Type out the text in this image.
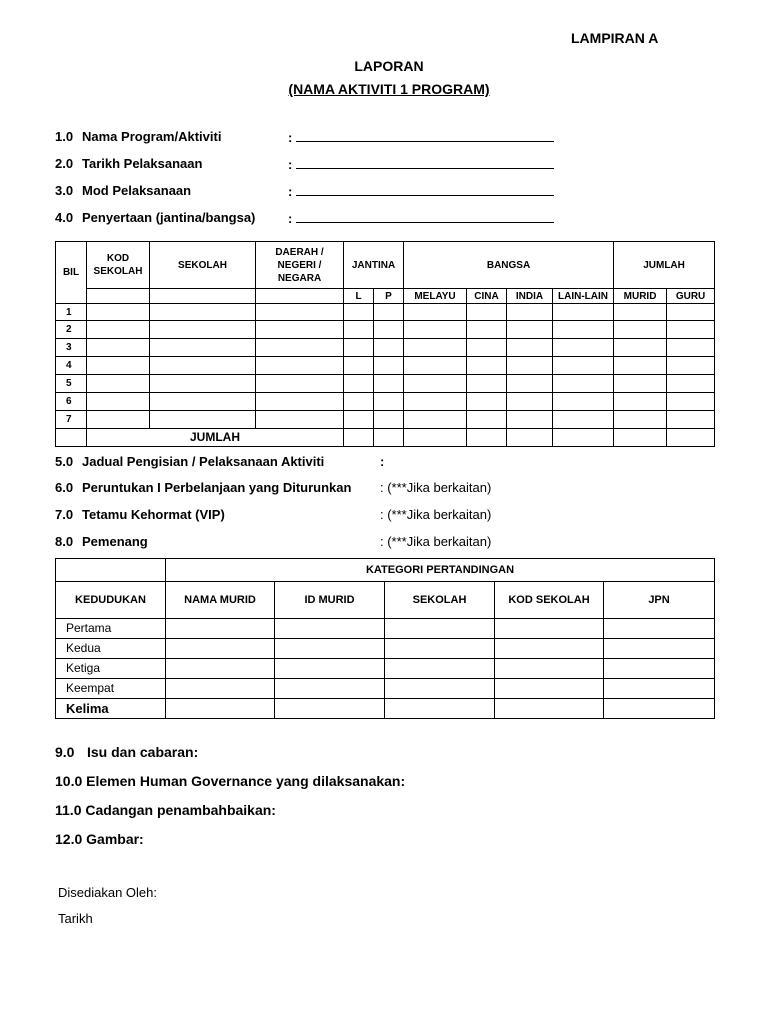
LAMPIRAN A
LAPORAN
(NAMA AKTIVITI 1 PROGRAM)
1.0 Nama Program/Aktiviti	:
2.0 Tarikh Pelaksanaan	:
3.0 Mod Pelaksanaan	:
4.0 Penyertaan (jantina/bangsa)	:
BIL	KOD SEKOLAH	SEKOLAH	DAERAH / NEGERI / NEGARA	JANTINA		BANGSA				JUMLAH	
				L	P	MELAYU	CINA	INDIA	LAIN-LAIN	MURID	GURU
1											
2											
3											
4											
5											
6											
7											
	JUMLAH										
5.0 Jadual Pengisian / Pelaksanaan Aktiviti	:
6.0 Peruntukan I Perbelanjaan yang Diturunkan : (***Jika berkaitan)
7.0 Tetamu Kehormat (VIP)	: (***Jika berkaitan)
8.0 Pemenang	: (***Jika berkaitan)
	KATEGORI PERTANDINGAN				
KEDUDUKAN	NAMA MURID	ID MURID	SEKOLAH	KOD SEKOLAH	JPN
Pertama					
Kedua					
Ketiga					
Keempat					
Kelima					
9.0 Isu dan cabaran:
10.0 Elemen Human Governance yang dilaksanakan:
11.0 Cadangan penambahbaikan:
12.0 Gambar:
Disediakan Oleh:
Tarikh
